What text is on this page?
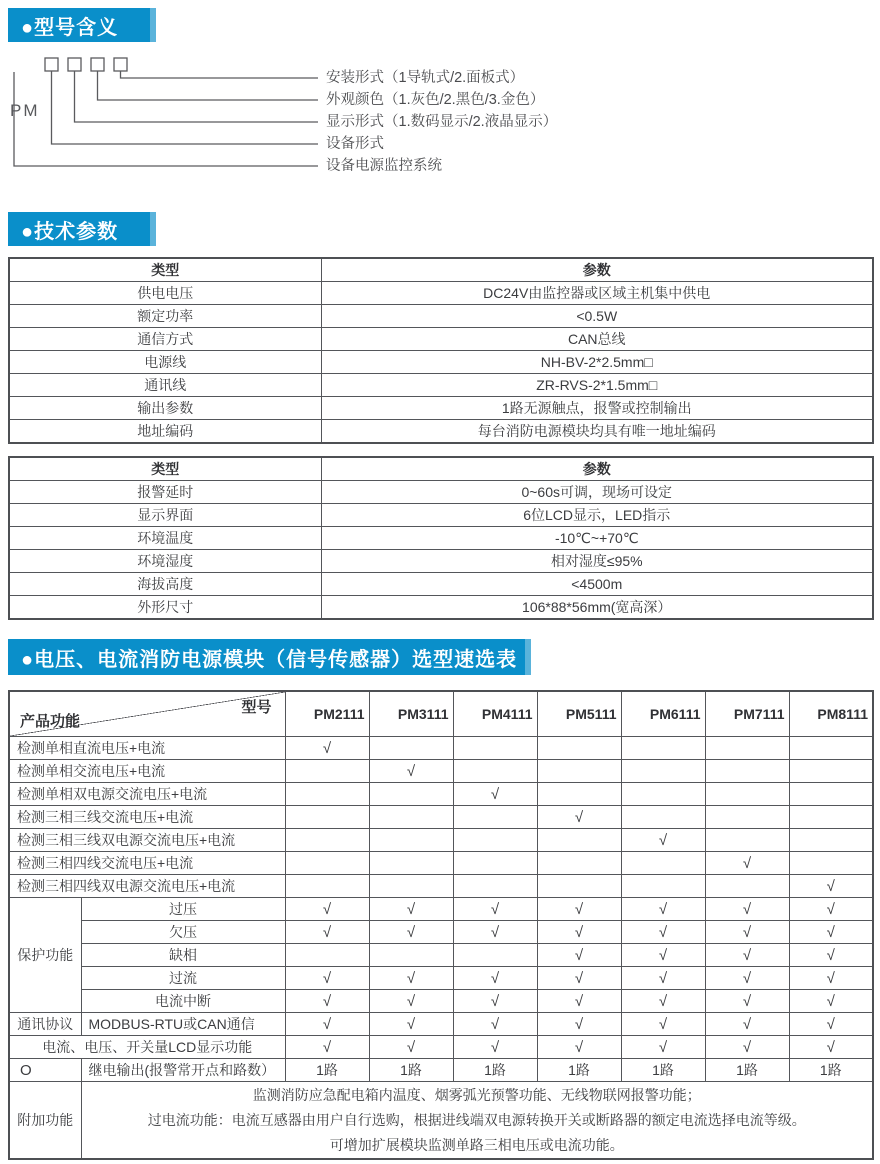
●型号含义
PM
安装形式（1导轨式/2.面板式）
外观颜色（1.灰色/2.黑色/3.金色）
显示形式（1.数码显示/2.液晶显示）
设备形式
设备电源监控系统
●技术参数
类型	参数
供电电压	DC24V由监控器或区域主机集中供电
额定功率	<0.5W
通信方式	CAN总线
电源线	NH-BV-2*2.5mm□
通讯线	ZR-RVS-2*1.5mm□
输出参数	1路无源触点，报警或控制输出
地址编码	每台消防电源模块均具有唯一地址编码
类型	参数
报警延时	0~60s可调，现场可设定
显示界面	6位LCD显示，LED指示
环境温度	-10℃~+70℃
环境湿度	相对湿度≤95%
海拔高度	<4500m
外形尺寸	106*88*56mm(宽高深）
●电压、电流消防电源模块（信号传感器）选型速选表
型号
产品功能		PM2111	PM3111	PM4111	PM5111	PM6111	PM7111	PM8111
检测单相直流电压+电流		√						
检测单相交流电压+电流			√					
检测单相双电源交流电压+电流				√				
检测三相三线交流电压+电流					√			
检测三相三线双电源交流电压+电流						√		
检测三相四线交流电压+电流							√	
检测三相四线双电源交流电压+电流								√
保护功能	过压	√	√	√	√	√	√	√
	欠压	√	√	√	√	√	√	√
	缺相				√	√	√	√
	过流	√	√	√	√	√	√	√
	电流中断	√	√	√	√	√	√	√
通讯协议	MODBUS-RTU或CAN通信	√	√	√	√	√	√	√
电流、电压、开关量LCD显示功能		√	√	√	√	√	√	√
O	继电输出(报警常开点和路数）	1路	1路	1路	1路	1路	1路	1路
附加功能	监测消防应急配电箱内温度、烟雾弧光预警功能、无线物联网报警功能；
过电流功能：电流互感器由用户自行选购，根据进线端双电源转换开关或断路器的额定电流选择电流等级。
可增加扩展模块监测单路三相电压或电流功能。							
